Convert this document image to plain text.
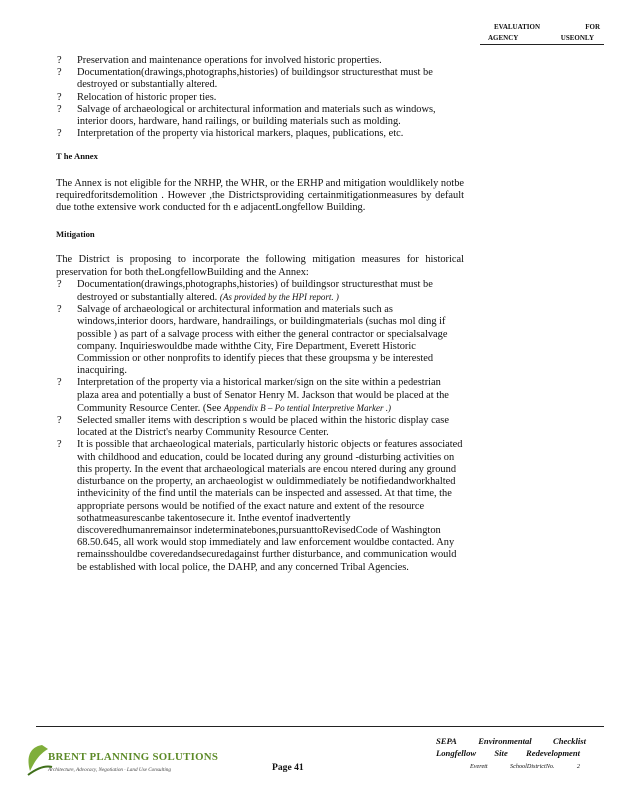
EVALUATION	FOR
AGENCY	USEONLY
? Preservation and maintenance operations for involved historic properties.
? Documentation(drawings,photographs,histories) of buildingsor structuresthat must be destroyed or substantially altered.
? Relocation of historic proper ties.
? Salvage of archaeological or architectural information and materials such as windows, interior doors, hardware, hand railings, or building materials such as molding.
? Interpretation of the property via historical markers, plaques, publications, etc.
T he Annex

The Annex is not eligible for the NRHP, the WHR, or the ERHP and mitigation wouldlikely notbe requiredforitsdemolition . However ,the Districtsproviding certainmitigationmeasures by default due tothe extensive work conducted for th e adjacentLongfellow Building.

Mitigation

The District is proposing to incorporate the following mitigation measures for historical preservation for both theLongfellowBuilding and the Annex:

? Documentation(drawings,photographs,histories) of buildingsor structuresthat must be destroyed or substantially altered. (As provided by the HPI report. )
? Salvage of archaeological or architectural information and materials such as windows,interior doors, hardware, handrailings, or buildingmaterials (suchas mol ding if possible ) as part of a salvage process with either the general contractor or specialsalvage company. Inquirieswouldbe made withthe City, Fire Department, Everett Historic Commission or other nonprofits to identify pieces that these groupsma y be interested inacquiring.
? Interpretation of the property via a historical marker/sign on the site within a pedestrian plaza area and potentially a bust of Senator Henry M. Jackson that would be placed at the Community Resource Center. (See Appendix B – Po tential Interpretive Marker .)
? Selected smaller items with description s would be placed within the historic display case located at the District's nearby Community Resource Center.
? It is possible that archaeological materials, particularly historic objects or features associated with childhood and education, could be located during any ground -disturbing activities on this property. In the event that archaeological materials are encou ntered during any ground disturbance on the property, an archaeologist w ouldimmediately be notifiedandworkhalted inthevicinity of the find until the materials can be inspected and assessed. At that time, the appropriate persons would be notified of the exact nature and extent of the resource sothatmeasurescanbe takentosecure it. Inthe eventof inadvertently discoveredhumanremainsor indeterminatebones,pursuanttoRevisedCode of Washington 68.50.645, all work would stop immediately and law enforcement wouldbe contacted. Any remainsshouldbe coveredandsecuredagainst further disturbance, and communication would be established with local police, the DAHP, and any concerned Tribal Agencies.
BRENT PLANNING SOLUTIONS
Architecture, Advocacy, Negotiation · Land Use Consulting	Page 41
SEPA Environmental Checklist
Longfellow Site Redevelopment
Everett	SchoolDistrictNo.	2
